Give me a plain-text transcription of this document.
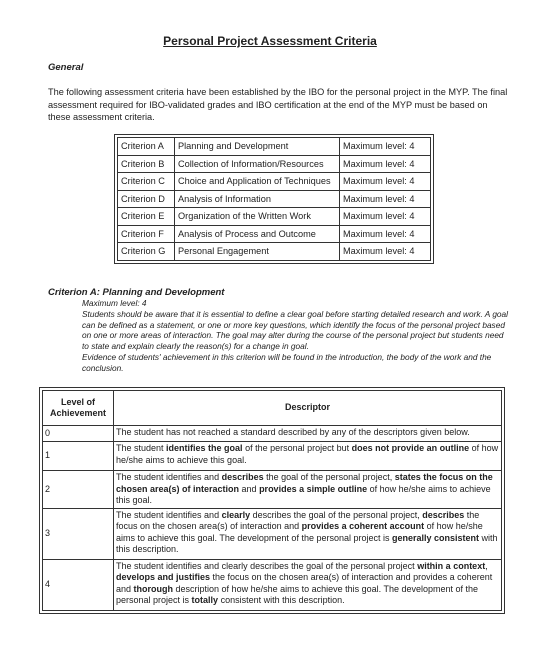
Personal Project Assessment Criteria
General
The following assessment criteria have been established by the IBO for the personal project in the MYP. The final assessment required for IBO-validated grades and IBO certification at the end of the MYP must be based on these assessment criteria.
Criterion A	Planning and Development	Maximum level: 4
Criterion B	Collection of Information/Resources	Maximum level: 4
Criterion C	Choice and Application of Techniques	Maximum level: 4
Criterion D	Analysis of Information	Maximum level: 4
Criterion E	Organization of the Written Work	Maximum level: 4
Criterion F	Analysis of Process and Outcome	Maximum level: 4
Criterion G	Personal Engagement	Maximum level: 4
Criterion A: Planning and Development
Maximum level: 4
Students should be aware that it is essential to define a clear goal before starting detailed research and work. A goal can be defined as a statement, or one or more key questions, which identify the focus of the personal project based on one or more areas of interaction. The goal may alter during the course of the personal project but students need to state and explain clearly the reason(s) for a change in goal.
Evidence of students' achievement in this criterion will be found in the introduction, the body of the work and the conclusion.
Level of Achievement	Descriptor
0	The student has not reached a standard described by any of the descriptors given below.
1	The student identifies the goal of the personal project but does not provide an outline of how he/she aims to achieve this goal.
2	The student identifies and describes the goal of the personal project, states the focus on the chosen area(s) of interaction and provides a simple outline of how he/she aims to achieve this goal.
3	The student identifies and clearly describes the goal of the personal project, describes the focus on the chosen area(s) of interaction and provides a coherent account of how he/she aims to achieve this goal. The development of the personal project is generally consistent with this description.
4	The student identifies and clearly describes the goal of the personal project within a context, develops and justifies the focus on the chosen area(s) of interaction and provides a coherent and thorough description of how he/she aims to achieve this goal. The development of the personal project is totally consistent with this description.
